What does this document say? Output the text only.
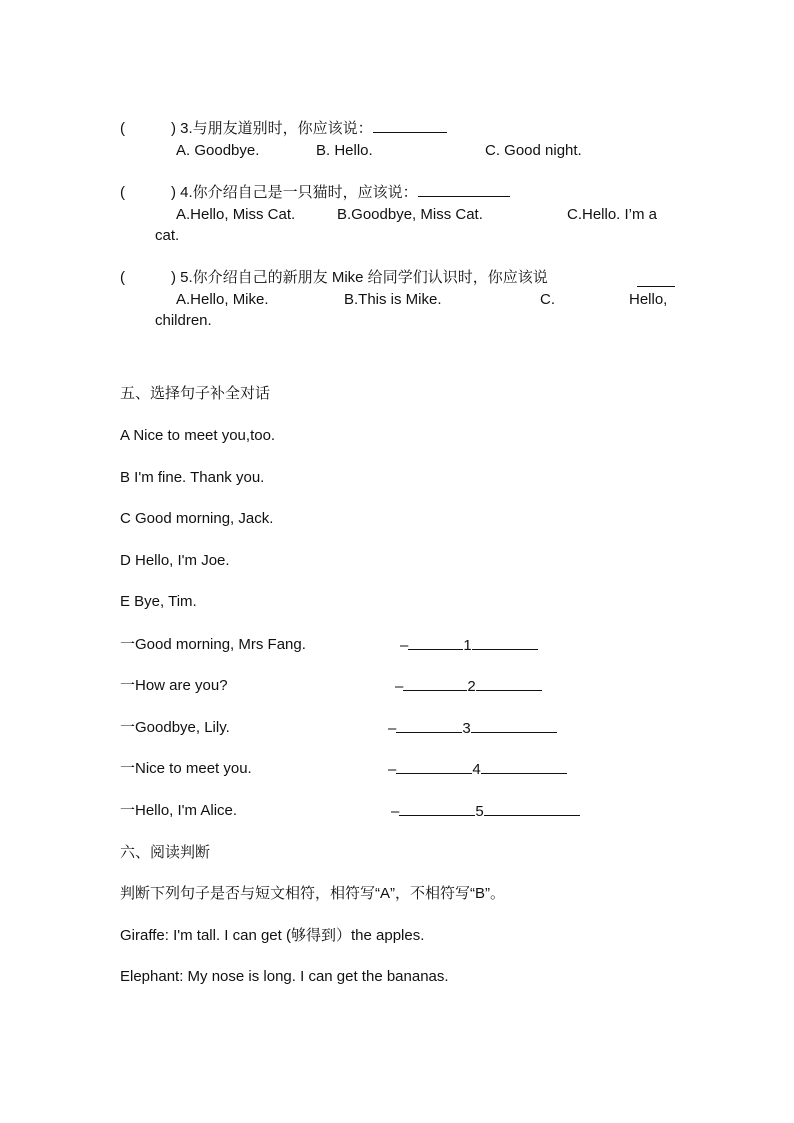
(	) 3.与朋友道别时，你应该说：
A. Goodbye.	B. Hello.	C. Good night.
(	) 4.你介绍自己是一只猫时，应该说：
A.Hello, Miss Cat.	B.Goodbye, Miss Cat.	C.Hello. I’m a
cat.
(	) 5.你介绍自己的新朋友 Mike 给同学们认识时，你应该说
A.Hello, Mike.	B.This is Mike.	C.	Hello,
children.
五、选择句子补全对话
A Nice to meet you,too.
B I'm fine. Thank you.
C Good morning, Jack.
D Hello, I'm Joe.
E Bye, Tim.
一Good morning, Mrs Fang.	–	1
一How are you?	–	2
一Goodbye, Lily.	–	3
一Nice to meet you.	–	4
一Hello, I'm Alice.	–	5
六、阅读判断
判断下列句子是否与短文相符，相符写“A”，不相符写“B”。
Giraffe: I'm tall. I can get (够得到）the apples.
Elephant: My nose is long. I can get the bananas.
